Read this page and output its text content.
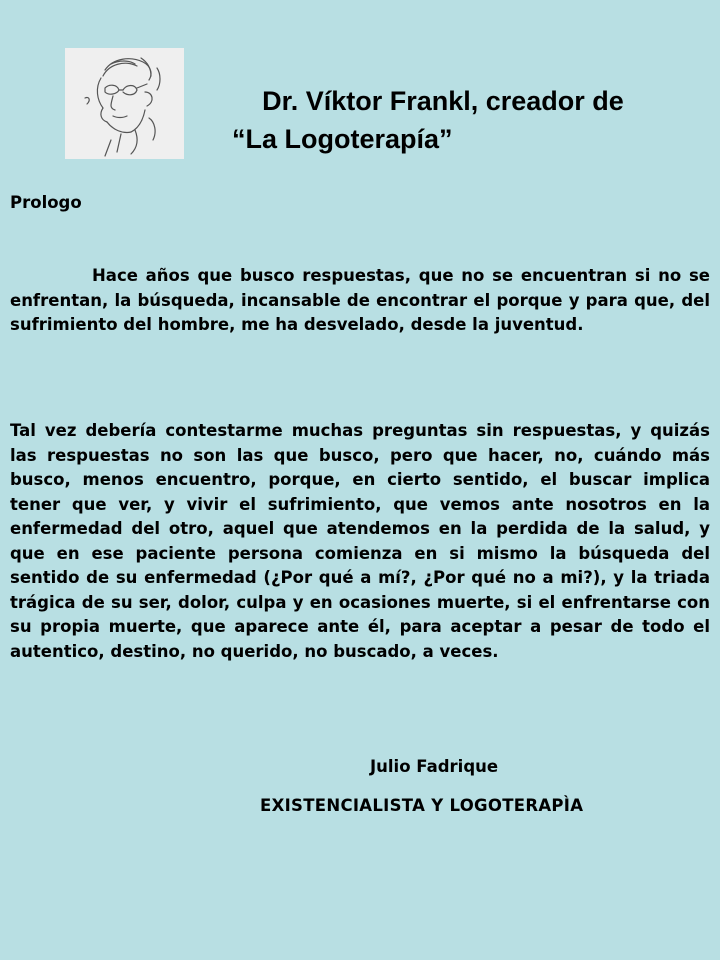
Dr. Víktor Frankl, creador de
“La Logoterapía”
Prologo

Hace años que busco respuestas, que no se encuentran si no se enfrentan, la búsqueda, incansable de encontrar el porque y para que, del sufrimiento del hombre, me ha desvelado, desde la juventud.

Tal vez debería contestarme muchas preguntas sin respuestas, y quizás las respuestas no son las que busco, pero que hacer, no, cuándo más busco, menos encuentro, porque, en cierto sentido, el buscar implica tener que ver, y vivir el sufrimiento, que vemos ante nosotros en la enfermedad del otro, aquel que atendemos en la perdida de la salud, y que en ese paciente persona comienza en si mismo la búsqueda del sentido de su enfermedad (¿Por qué a mí?, ¿Por qué no a mi?), y la triada trágica de su ser, dolor, culpa y en ocasiones muerte, si el enfrentarse con su propia muerte, que aparece ante él, para aceptar a pesar de todo el autentico, destino, no querido, no buscado, a veces.

Julio Fadrique
EXISTENCIALISTA Y LOGOTERAPÌA
